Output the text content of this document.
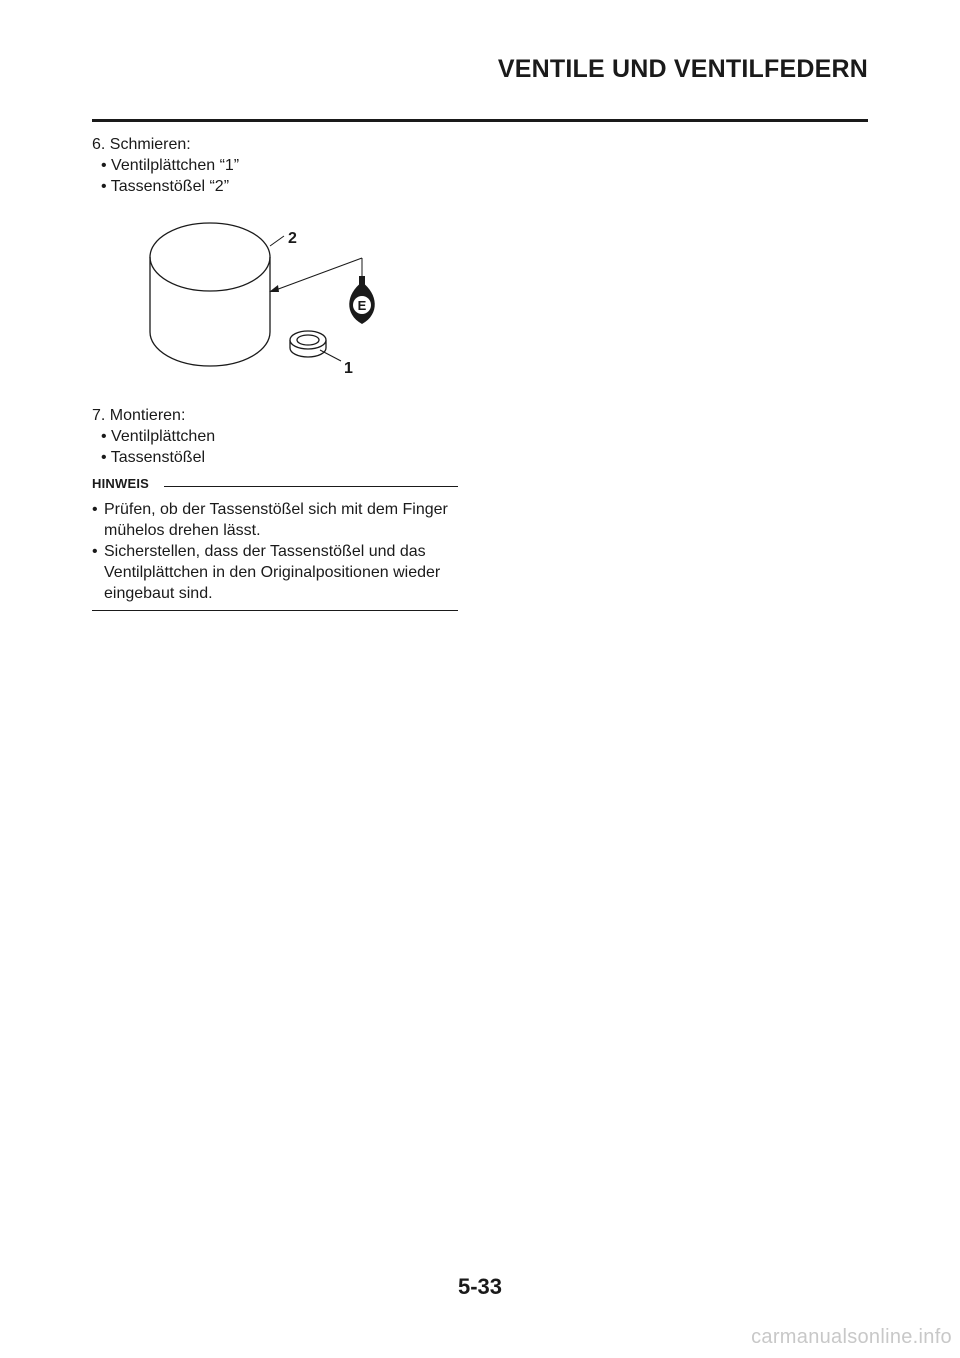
VENTILE UND VENTILFEDERN
6. Schmieren:
• Ventilplättchen “1”
• Tassenstößel “2”
E
2
1
7. Montieren:
• Ventilplättchen
• Tassenstößel
HINWEIS
• Prüfen, ob der Tassenstößel sich mit dem Finger mühelos drehen lässt.
• Sicherstellen, dass der Tassenstößel und das Ventilplättchen in den Originalpositionen wieder eingebaut sind.
5-33
carmanualsonline.info
